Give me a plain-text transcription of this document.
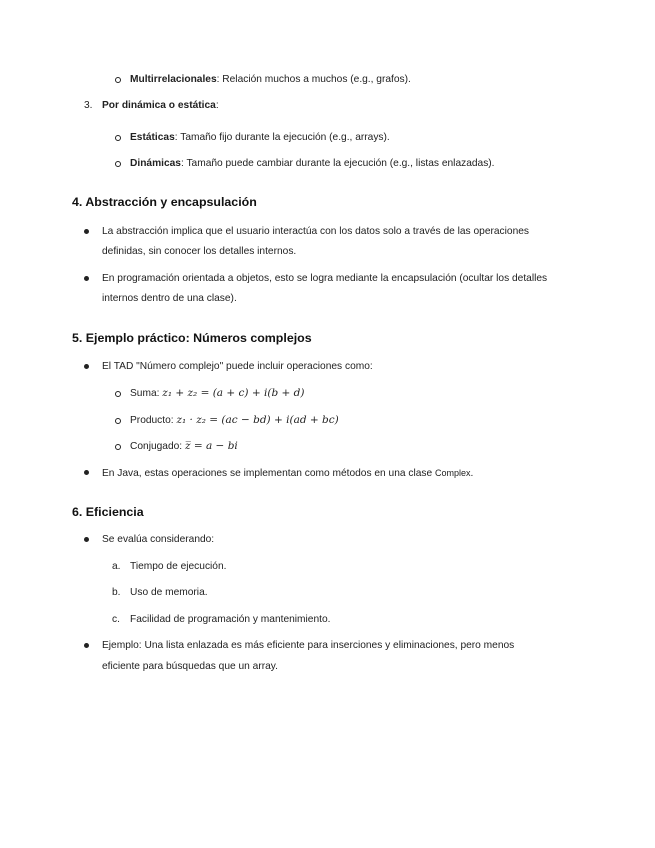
Multirrelacionales: Relación muchos a muchos (e.g., grafos).
3. Por dinámica o estática:
Estáticas: Tamaño fijo durante la ejecución (e.g., arrays).
Dinámicas: Tamaño puede cambiar durante la ejecución (e.g., listas enlazadas).
4. Abstracción y encapsulación
La abstracción implica que el usuario interactúa con los datos solo a través de las operaciones
definidas, sin conocer los detalles internos.
En programación orientada a objetos, esto se logra mediante la encapsulación (ocultar los detalles
internos dentro de una clase).
5. Ejemplo práctico: Números complejos
El TAD "Número complejo" puede incluir operaciones como:
Suma: z₁ + z₂ = (a + c) + i(b + d)
Producto: z₁ · z₂ = (ac − bd) + i(ad + bc)
Conjugado: z̅ = a − bi
En Java, estas operaciones se implementan como métodos en una clase Complex.
6. Eficiencia
Se evalúa considerando:
a. Tiempo de ejecución.
b. Uso de memoria.
c. Facilidad de programación y mantenimiento.
Ejemplo: Una lista enlazada es más eficiente para inserciones y eliminaciones, pero menos
eficiente para búsquedas que un array.
